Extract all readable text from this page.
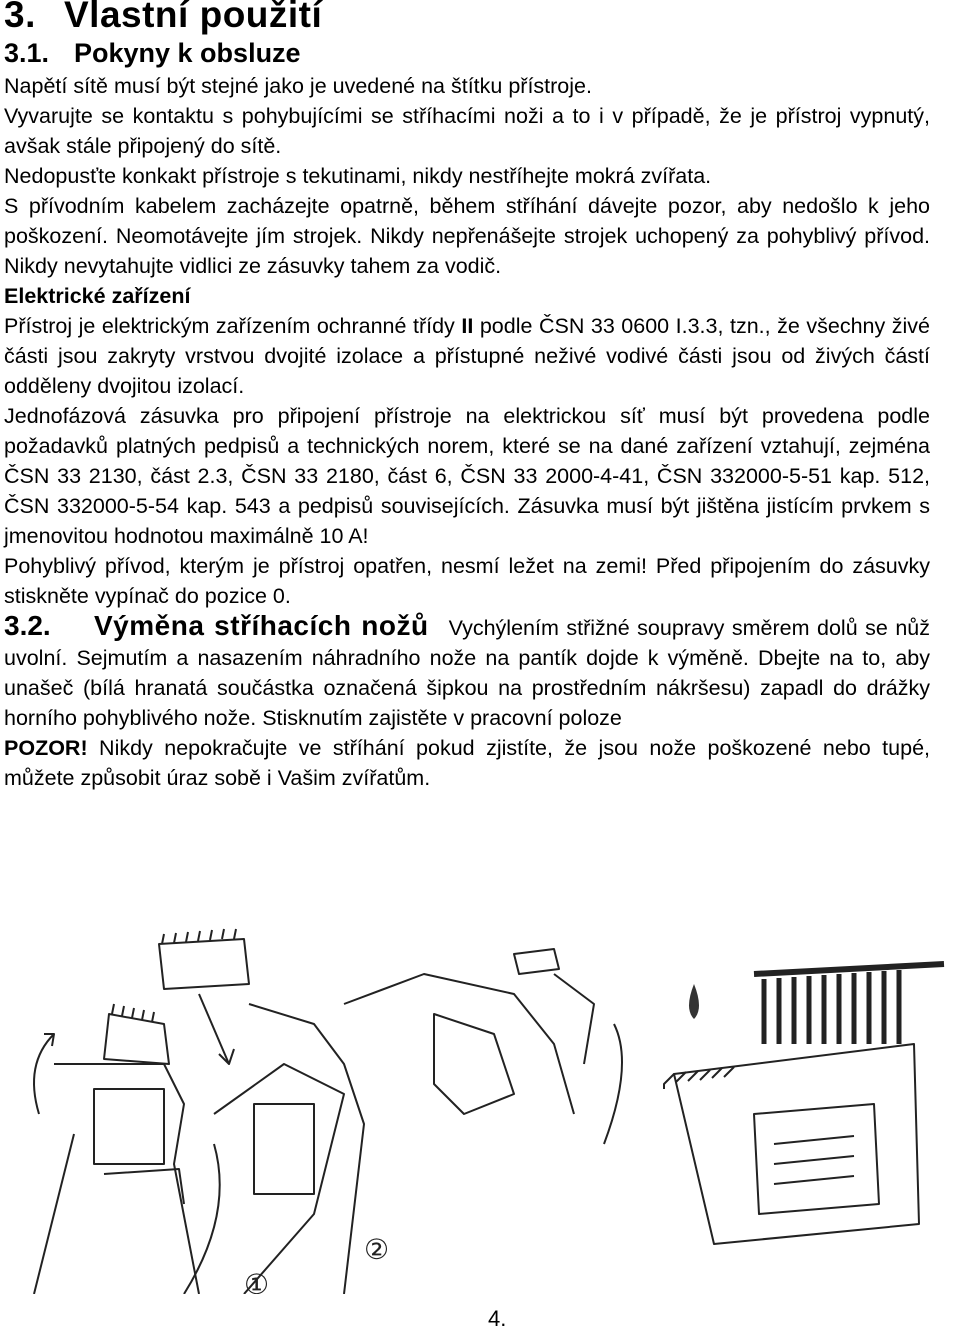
3. Vlastní použití
3.1. Pokyny k obsluze

Napětí sítě musí být stejné jako je uvedené na štítku přístroje.

Vyvarujte se kontaktu s pohybujícími se stříhacími noži a to i v případě, že je přístroj vypnutý, avšak stále připojený do sítě.

Nedopusťte konkakt přístroje s tekutinami, nikdy nestříhejte mokrá zvířata.

S přívodním kabelem zacházejte opatrně, během stříhání dávejte pozor, aby nedošlo k jeho poškození. Neomotávejte jím strojek. Nikdy nepřenášejte strojek uchopený za pohyblivý přívod. Nikdy nevytahujte vidlici ze zásuvky tahem za vodič.

Elektrické zařízení

Přístroj je elektrickým zařízením ochranné třídy II podle ČSN 33 0600 I.3.3, tzn., že všechny živé části jsou zakryty vrstvou dvojité izolace a přístupné neživé vodivé části jsou od živých částí odděleny dvojitou izolací.

Jednofázová zásuvka pro připojení přístroje na elektrickou síť musí být provedena podle požadavků platných pedpisů a technických norem, které se na dané zařízení vztahují, zejména ČSN 33 2130, část 2.3, ČSN 33 2180, část 6, ČSN 33 2000-4-41, ČSN 332000-5-51 kap. 512, ČSN 332000-5-54 kap. 543 a pedpisů souvisejících. Zásuvka musí být jištěna jistícím prvkem s jmenovitou hodnotou maximálně 10 A!

Pohyblivý přívod, kterým je přístroj opatřen, nesmí ležet na zemi! Před připojením do zásuvky stiskněte vypínač do pozice 0.

3.2. Výměna stříhacích nožů Vychýlením střižné soupravy směrem dolů se nůž uvolní. Sejmutím a nasazením náhradního nože na pantík dojde k výměně. Dbejte na to, aby unašeč (bílá hranatá součástka označená šipkou na prostředním nákršesu) zapadl do drážky horního pohyblivého nože. Stisknutím zajistěte v pracovní poloze
POZOR! Nikdy nepokračujte ve stříhání pokud zjistíte, že jsou nože poškozené nebo tupé, můžete způsobit úraz sobě i Vašim zvířatům.

①
②
4.
